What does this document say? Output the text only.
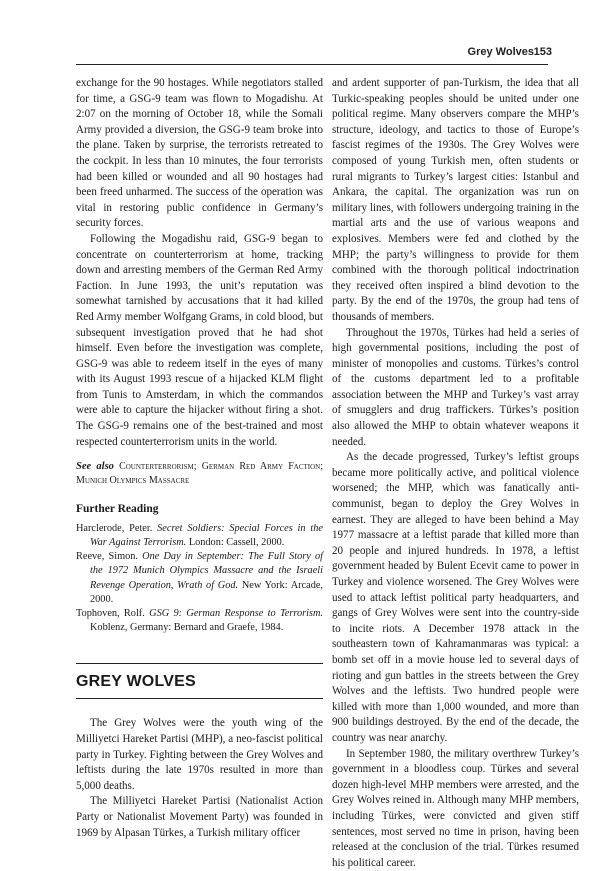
Grey Wolves 153

exchange for the 90 hostages. While negotiators stalled for time, a GSG-9 team was flown to Mogadishu. At 2:07 on the morning of October 18, while the Somali Army provided a diversion, the GSG-9 team broke into the plane. Taken by surprise, the terrorists retreated to the cockpit. In less than 10 minutes, the four terrorists had been killed or wounded and all 90 hostages had been freed unharmed. The success of the operation was vital in restoring public confidence in Germany’s security forces.

Following the Mogadishu raid, GSG-9 began to concentrate on counterterrorism at home, tracking down and arresting members of the German Red Army Faction. In June 1993, the unit’s reputation was somewhat tarnished by accusations that it had killed Red Army member Wolfgang Grams, in cold blood, but subsequent investigation proved that he had shot himself. Even before the investigation was complete, GSG-9 was able to redeem itself in the eyes of many with its August 1993 rescue of a hijacked KLM flight from Tunis to Amsterdam, in which the commandos were able to capture the hijacker without firing a shot. The GSG-9 remains one of the best-trained and most respected counterterrorism units in the world.

See also Counterterrorism; German Red Army Faction; Munich Olympics Massacre

Further Reading
Harclerode, Peter. Secret Soldiers: Special Forces in the War Against Terrorism. London: Cassell, 2000.
Reeve, Simon. One Day in September: The Full Story of the 1972 Munich Olympics Massacre and the Israeli Revenge Operation, Wrath of God. New York: Arcade, 2000.
Tophoven, Rolf. GSG 9: German Response to Terrorism. Koblenz, Germany: Bernard and Graefe, 1984.
GREY WOLVES

The Grey Wolves were the youth wing of the Milliyetci Hareket Partisi (MHP), a neo-fascist political party in Turkey. Fighting between the Grey Wolves and leftists during the late 1970s resulted in more than 5,000 deaths.

The Milliyetci Hareket Partisi (Nationalist Action Party or Nationalist Movement Party) was founded in 1969 by Alpasan Türkes, a Turkish military officer

and ardent supporter of pan-Turkism, the idea that all Turkic-speaking peoples should be united under one political regime. Many observers compare the MHP’s structure, ideology, and tactics to those of Europe’s fascist regimes of the 1930s. The Grey Wolves were composed of young Turkish men, often students or rural migrants to Turkey’s largest cities: Istanbul and Ankara, the capital. The organization was run on military lines, with followers undergoing training in the martial arts and the use of various weapons and explosives. Members were fed and clothed by the MHP; the party’s willingness to provide for them combined with the thorough political indoctrination they received often inspired a blind devotion to the party. By the end of the 1970s, the group had tens of thousands of members.

Throughout the 1970s, Türkes had held a series of high governmental positions, including the post of minister of monopolies and customs. Türkes’s control of the customs department led to a profitable association between the MHP and Turkey’s vast array of smugglers and drug traffickers. Türkes’s position also allowed the MHP to obtain whatever weapons it needed.

As the decade progressed, Turkey’s leftist groups became more politically active, and political violence worsened; the MHP, which was fanatically anti-communist, began to deploy the Grey Wolves in earnest. They are alleged to have been behind a May 1977 massacre at a leftist parade that killed more than 20 people and injured hundreds. In 1978, a leftist government headed by Bulent Ecevit came to power in Turkey and violence worsened. The Grey Wolves were used to attack leftist political party headquarters, and gangs of Grey Wolves were sent into the country-side to incite riots. A December 1978 attack in the southeastern town of Kahramanmaras was typical: a bomb set off in a movie house led to several days of rioting and gun battles in the streets between the Grey Wolves and the leftists. Two hundred people were killed with more than 1,000 wounded, and more than 900 buildings destroyed. By the end of the decade, the country was near anarchy.

In September 1980, the military overthrew Turkey’s government in a bloodless coup. Türkes and several dozen high-level MHP members were arrested, and the Grey Wolves reined in. Although many MHP members, including Türkes, were convicted and given stiff sentences, most served no time in prison, having been released at the conclusion of the trial. Türkes resumed his political career.
